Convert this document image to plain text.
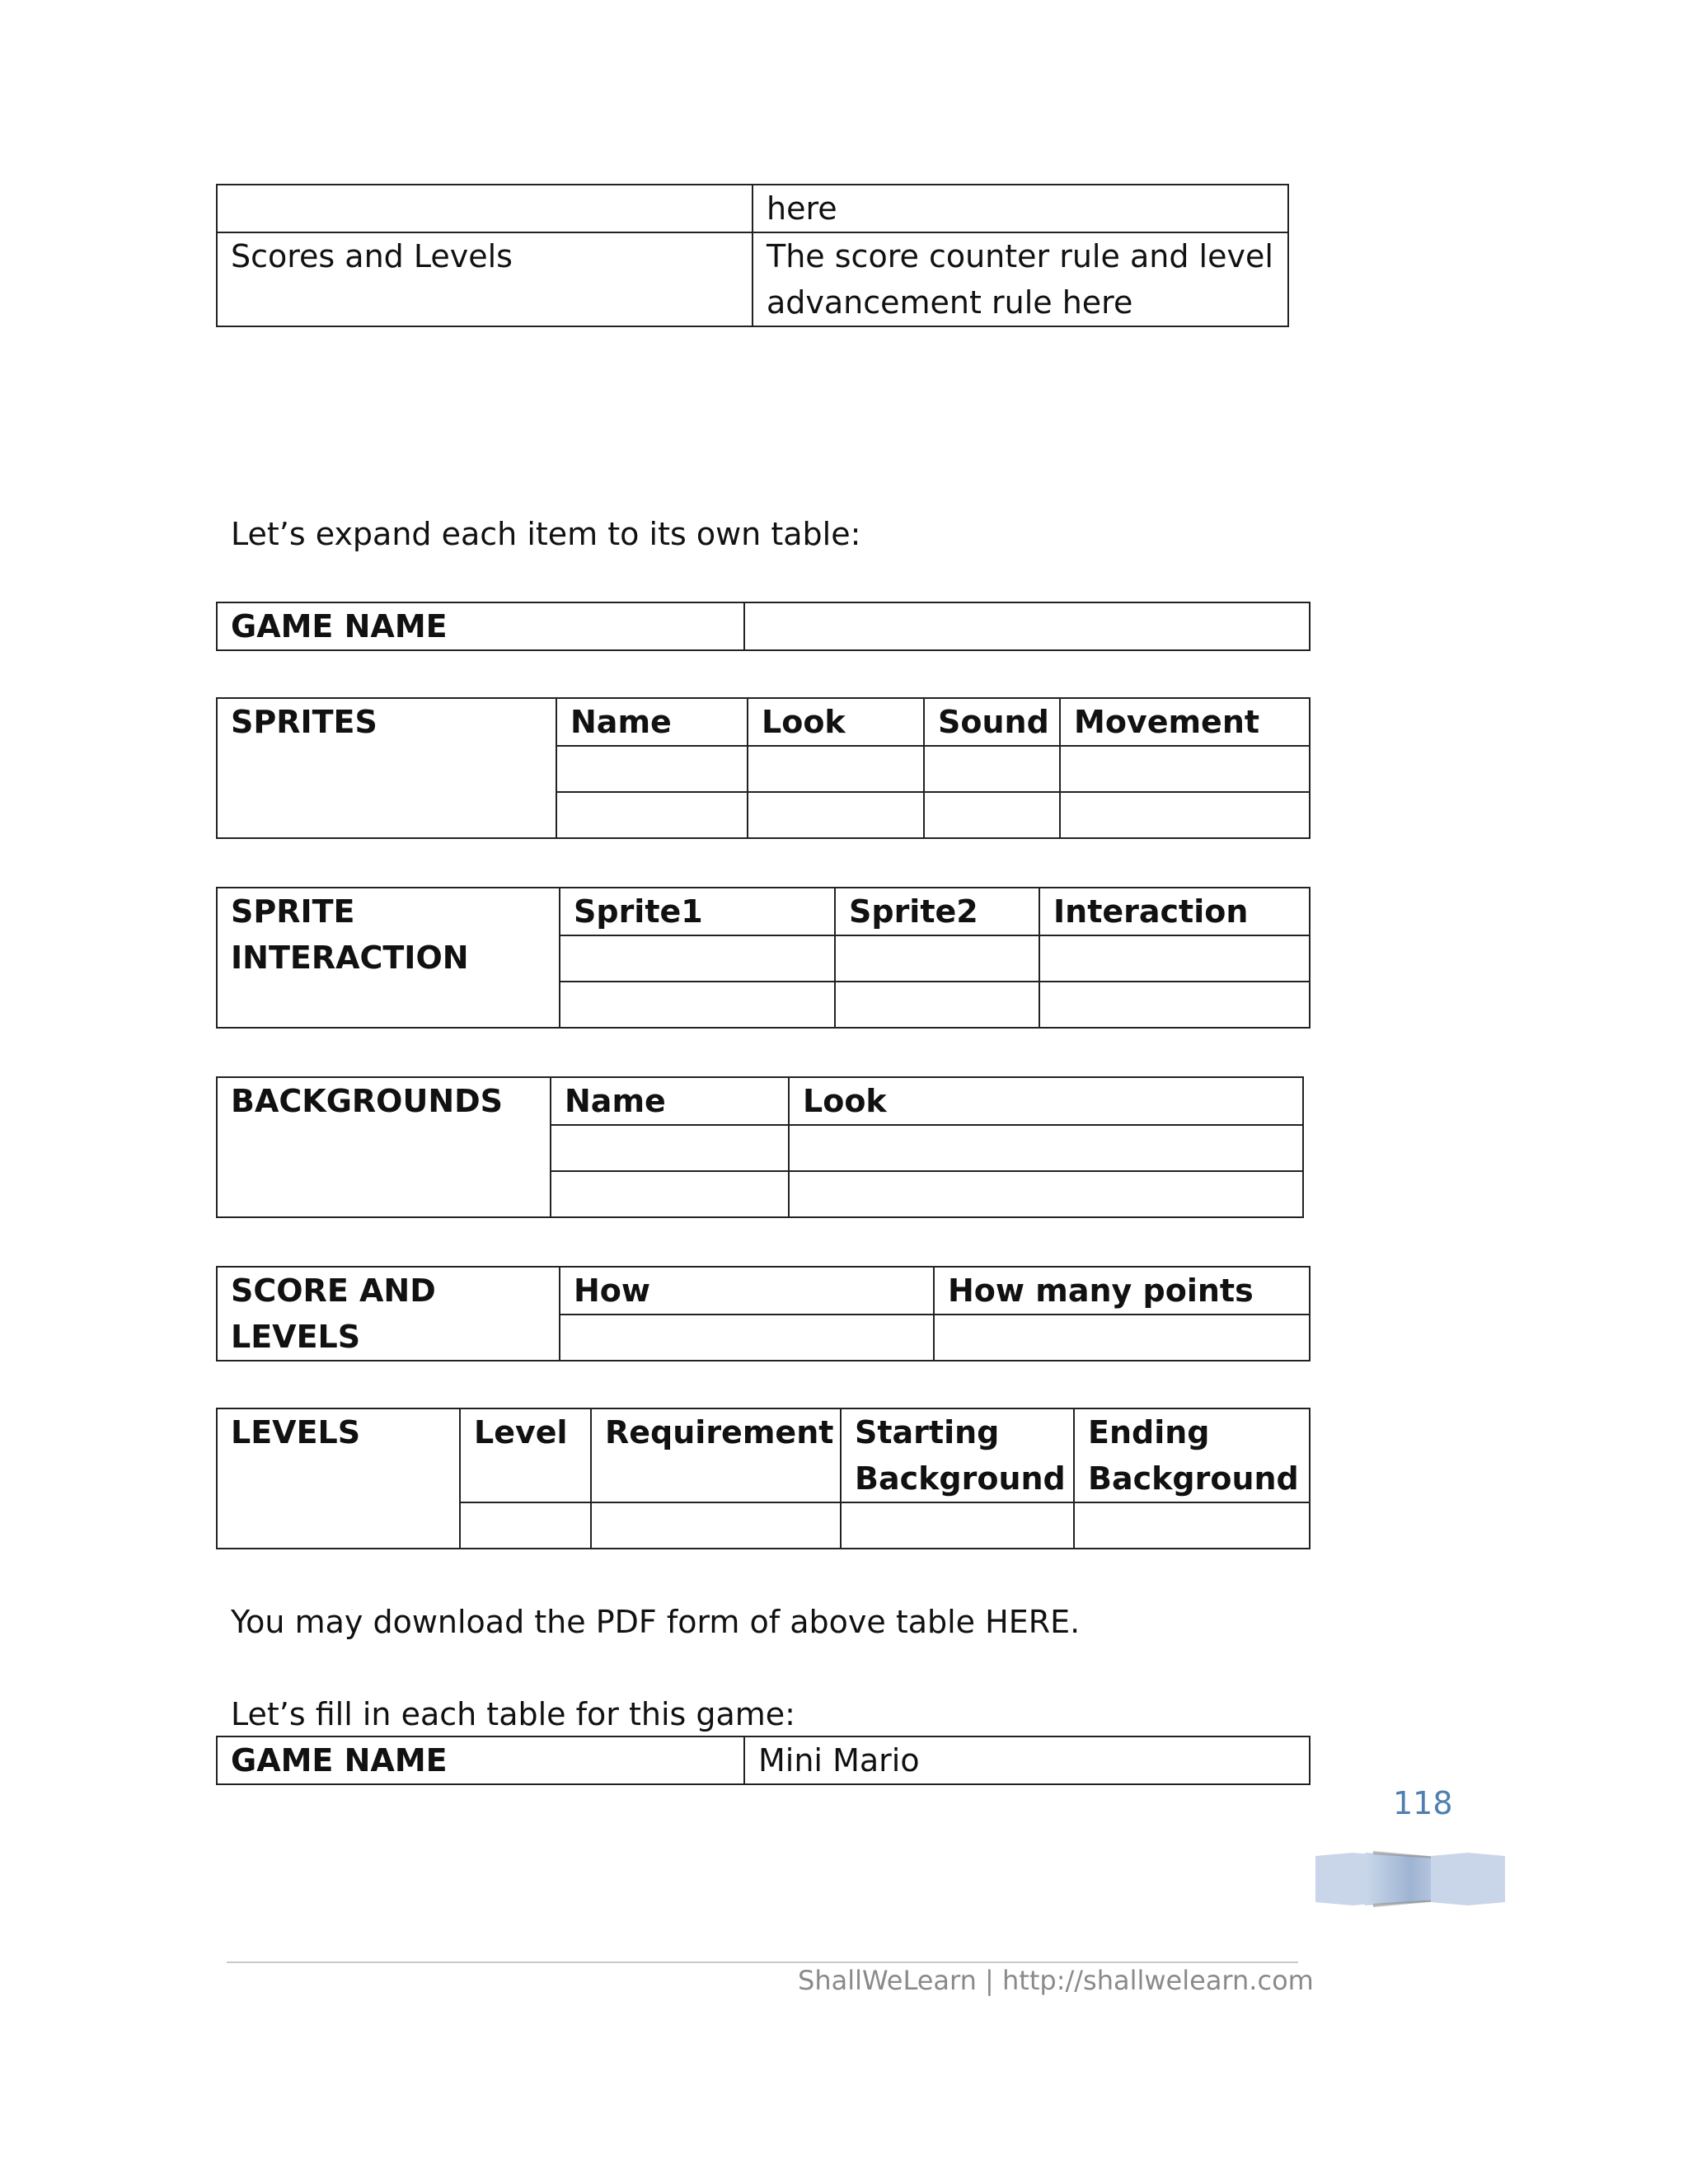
	here
Scores and Levels	The score counter rule and level advancement rule here
Let’s expand each item to its own table:
GAME NAME	
SPRITES	Name	Look	Sound	Movement

SPRITE INTERACTION	Sprite1	Sprite2	Interaction

BACKGROUNDS	Name	Look

SCORE AND LEVELS	How	How many points

LEVELS	Level	Requirement	Starting Background	Ending Background

You may download the PDF form of above table HERE.
Let’s fill in each table for this game:
GAME NAME	Mini Mario
118
ShallWeLearn | http://shallwelearn.com
